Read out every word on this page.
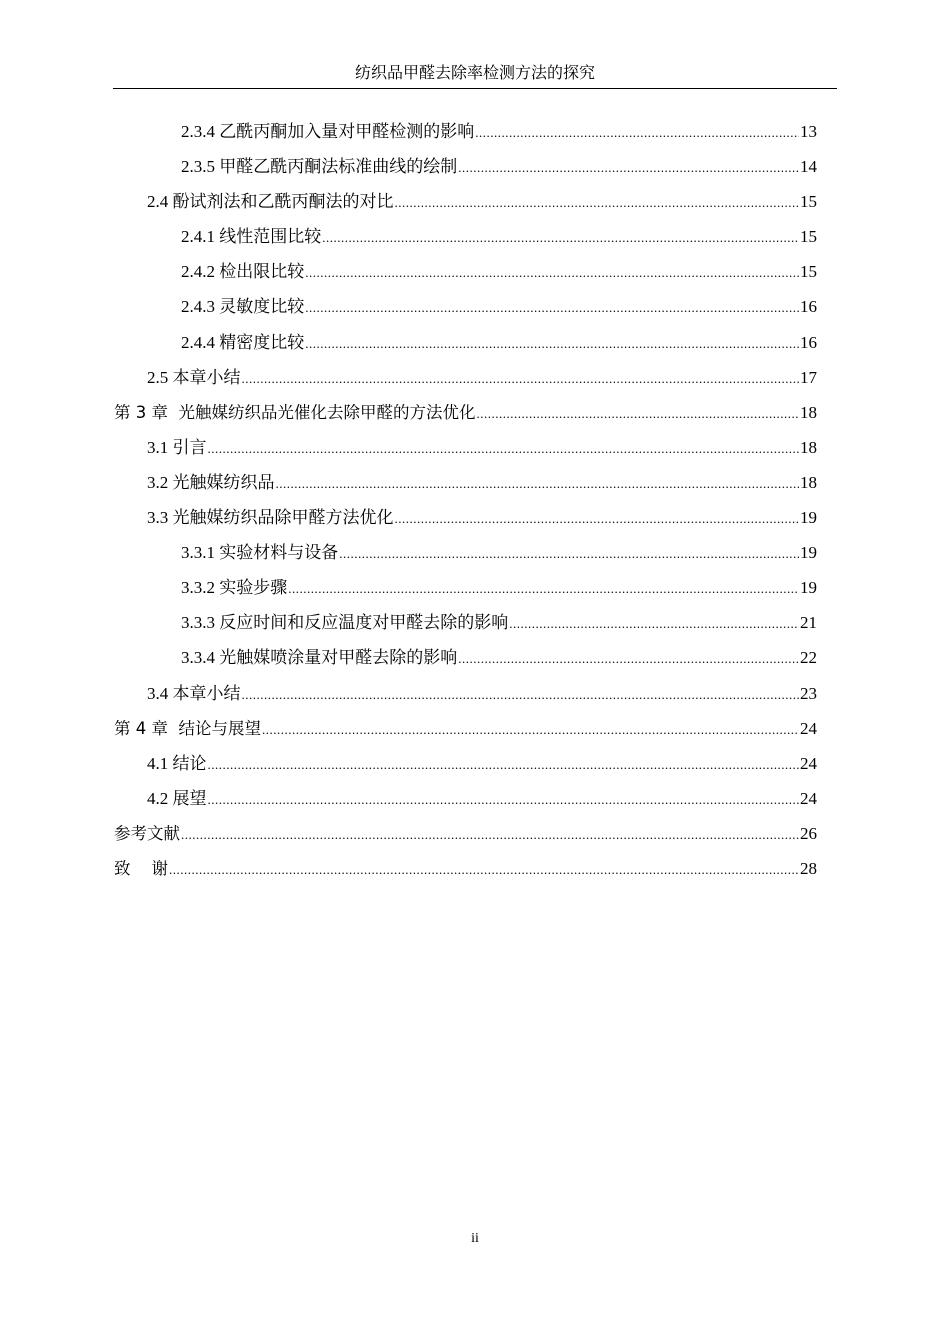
纺织品甲醛去除率检测方法的探究
2.3.4 乙酰丙酮加入量对甲醛检测的影响 .....	13
2.3.5 甲醛乙酰丙酮法标准曲线的绘制 .....	14
2.4 酚试剂法和乙酰丙酮法的对比 .....	15
2.4.1 线性范围比较 .....	15
2.4.2 检出限比较 .....	15
2.4.3 灵敏度比较 .....	16
2.4.4 精密度比较 .....	16
2.5 本章小结 .....	17
第 3 章  光触媒纺织品光催化去除甲醛的方法优化 .....	18
3.1 引言 .....	18
3.2 光触媒纺织品 .....	18
3.3 光触媒纺织品除甲醛方法优化 .....	19
3.3.1 实验材料与设备 .....	19
3.3.2 实验步骤 .....	19
3.3.3 反应时间和反应温度对甲醛去除的影响 .....	21
3.3.4 光触媒喷涂量对甲醛去除的影响 .....	22
3.4 本章小结 .....	23
第 4 章  结论与展望 .....	24
4.1 结论 .....	24
4.2 展望 .....	24
参考文献 .....	26
致    谢 .....	28
ii
